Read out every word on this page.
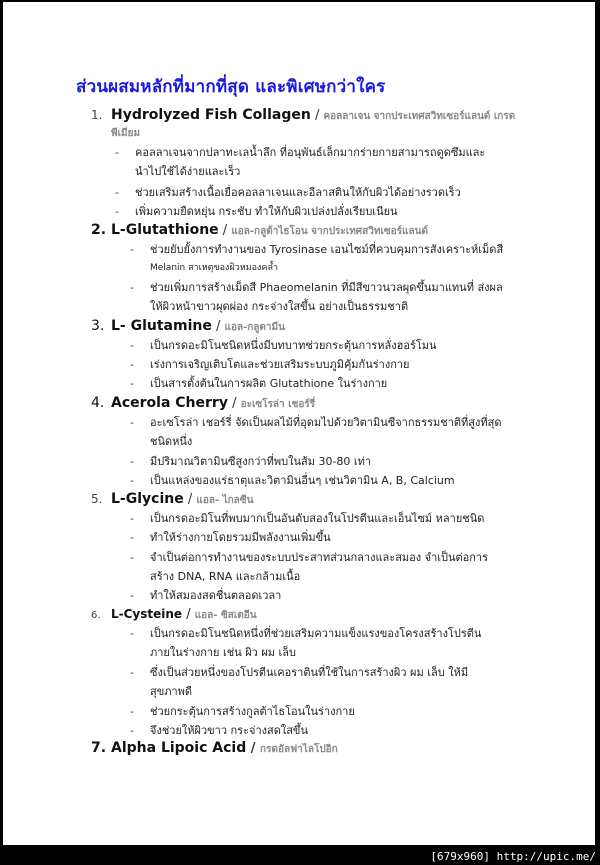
ส่วนผสมหลักที่มากที่สุด และพิเศษกว่าใคร
1. Hydrolyzed Fish Collagen / คอลลาเจน จากประเทศสวิทเซอร์แลนด์ เกรด
พีเมียม
-	คอลลาเจนจากปลาทะเลน้ำลึก ที่อนุพันธ์เล็กมากร่ายกายสามารถดูดซึมและ
นำไปใช้ได้ง่ายและเร็ว
-	ช่วยเสริมสร้างเนื้อเยื่อคอลลาเจนและอีลาสตินให้กับผิวได้อย่างรวดเร็ว
-	เพิ่มความยืดหยุ่น กระชับ ทำให้กับผิวเปล่งปลั่งเรียบเนียน
2. L-Glutathione / แอล-กลูต้าไธโอน จากประเทศสวิทเซอร์แลนด์
-	ช่วยยับยั้งการทำงานของ Tyrosinase เอนไซม์ที่ควบคุมการสังเคราะห์เม็ดสี
Melanin สาเหตุของผิวหมองคล้ำ
-	ช่วยเพิ่มการสร้างเม็ดสี Phaeomelanin ที่มีสีขาวนวลผุดขึ้นมาแทนที่ ส่งผล
ให้ผิวหน้าขาวผุดผ่อง กระจ่างใสขึ้น อย่างเป็นธรรมชาติ
3. L- Glutamine / แอล-กลูตามีน
-	เป็นกรดอะมิโนชนิดหนึ่งมีบทบาทช่วยกระตุ้นการหลั่งฮอร์โมน
-	เร่งการเจริญเติบโตและช่วยเสริมระบบภูมิคุ้มกันร่างกาย
-	เป็นสารตั้งต้นในการผลิต Glutathione ในร่างกาย
4. Acerola Cherry / อะเซโรล่า เชอร์รี่
-	อะเซโรล่า เชอร์รี่ จัดเป็นผลไม้ที่อุดมไปด้วยวิตามินซีจากธรรมชาติที่สูงที่สุด
ชนิดหนึ่ง
-	มีปริมาณวิตามินซีสูงกว่าที่พบในส้ม 30-80 เท่า
-	เป็นแหล่งของแร่ธาตุและวิตามินอื่นๆ เช่นวิตามิน A, B, Calcium
5. L-Glycine / แอล- ไกลซีน
-	เป็นกรดอะมิโนที่พบมากเป็นอันดับสองในโปรตีนและเอ็นไซม์ หลายชนิด
-	ทำให้ร่างกายโดยรวมมีพลังงานเพิ่มขึ้น
-	จำเป็นต่อการทำงานของระบบประสาทส่วนกลางและสมอง จำเป็นต่อการ
สร้าง DNA, RNA และกล้ามเนื้อ
-	ทำให้สมองสดชื่นตลอดเวลา
6. L-Cysteine / แอล- ซิสเตอีน
-	เป็นกรดอะมิโนชนิดหนึ่งที่ช่วยเสริมความแข็งแรงของโครงสร้างโปรตีน
ภายในร่างกาย เช่น ผิว ผม เล็บ
-	ซึ่งเป็นส่วยหนึ่งของโปรตีนเคอราตินที่ใช้ในการสร้างผิว ผม เล็บ ให้มี
สุขภาพดี
-	ช่วยกระตุ้นการสร้างกูลต้าไธโอนในร่างกาย
-	จึงช่วยให้ผิวขาว กระจ่างสดใสขึ้น
7. Alpha Lipoic Acid / กรดอัลฟาไลโปอิก
[679x960] http://upic.me/
